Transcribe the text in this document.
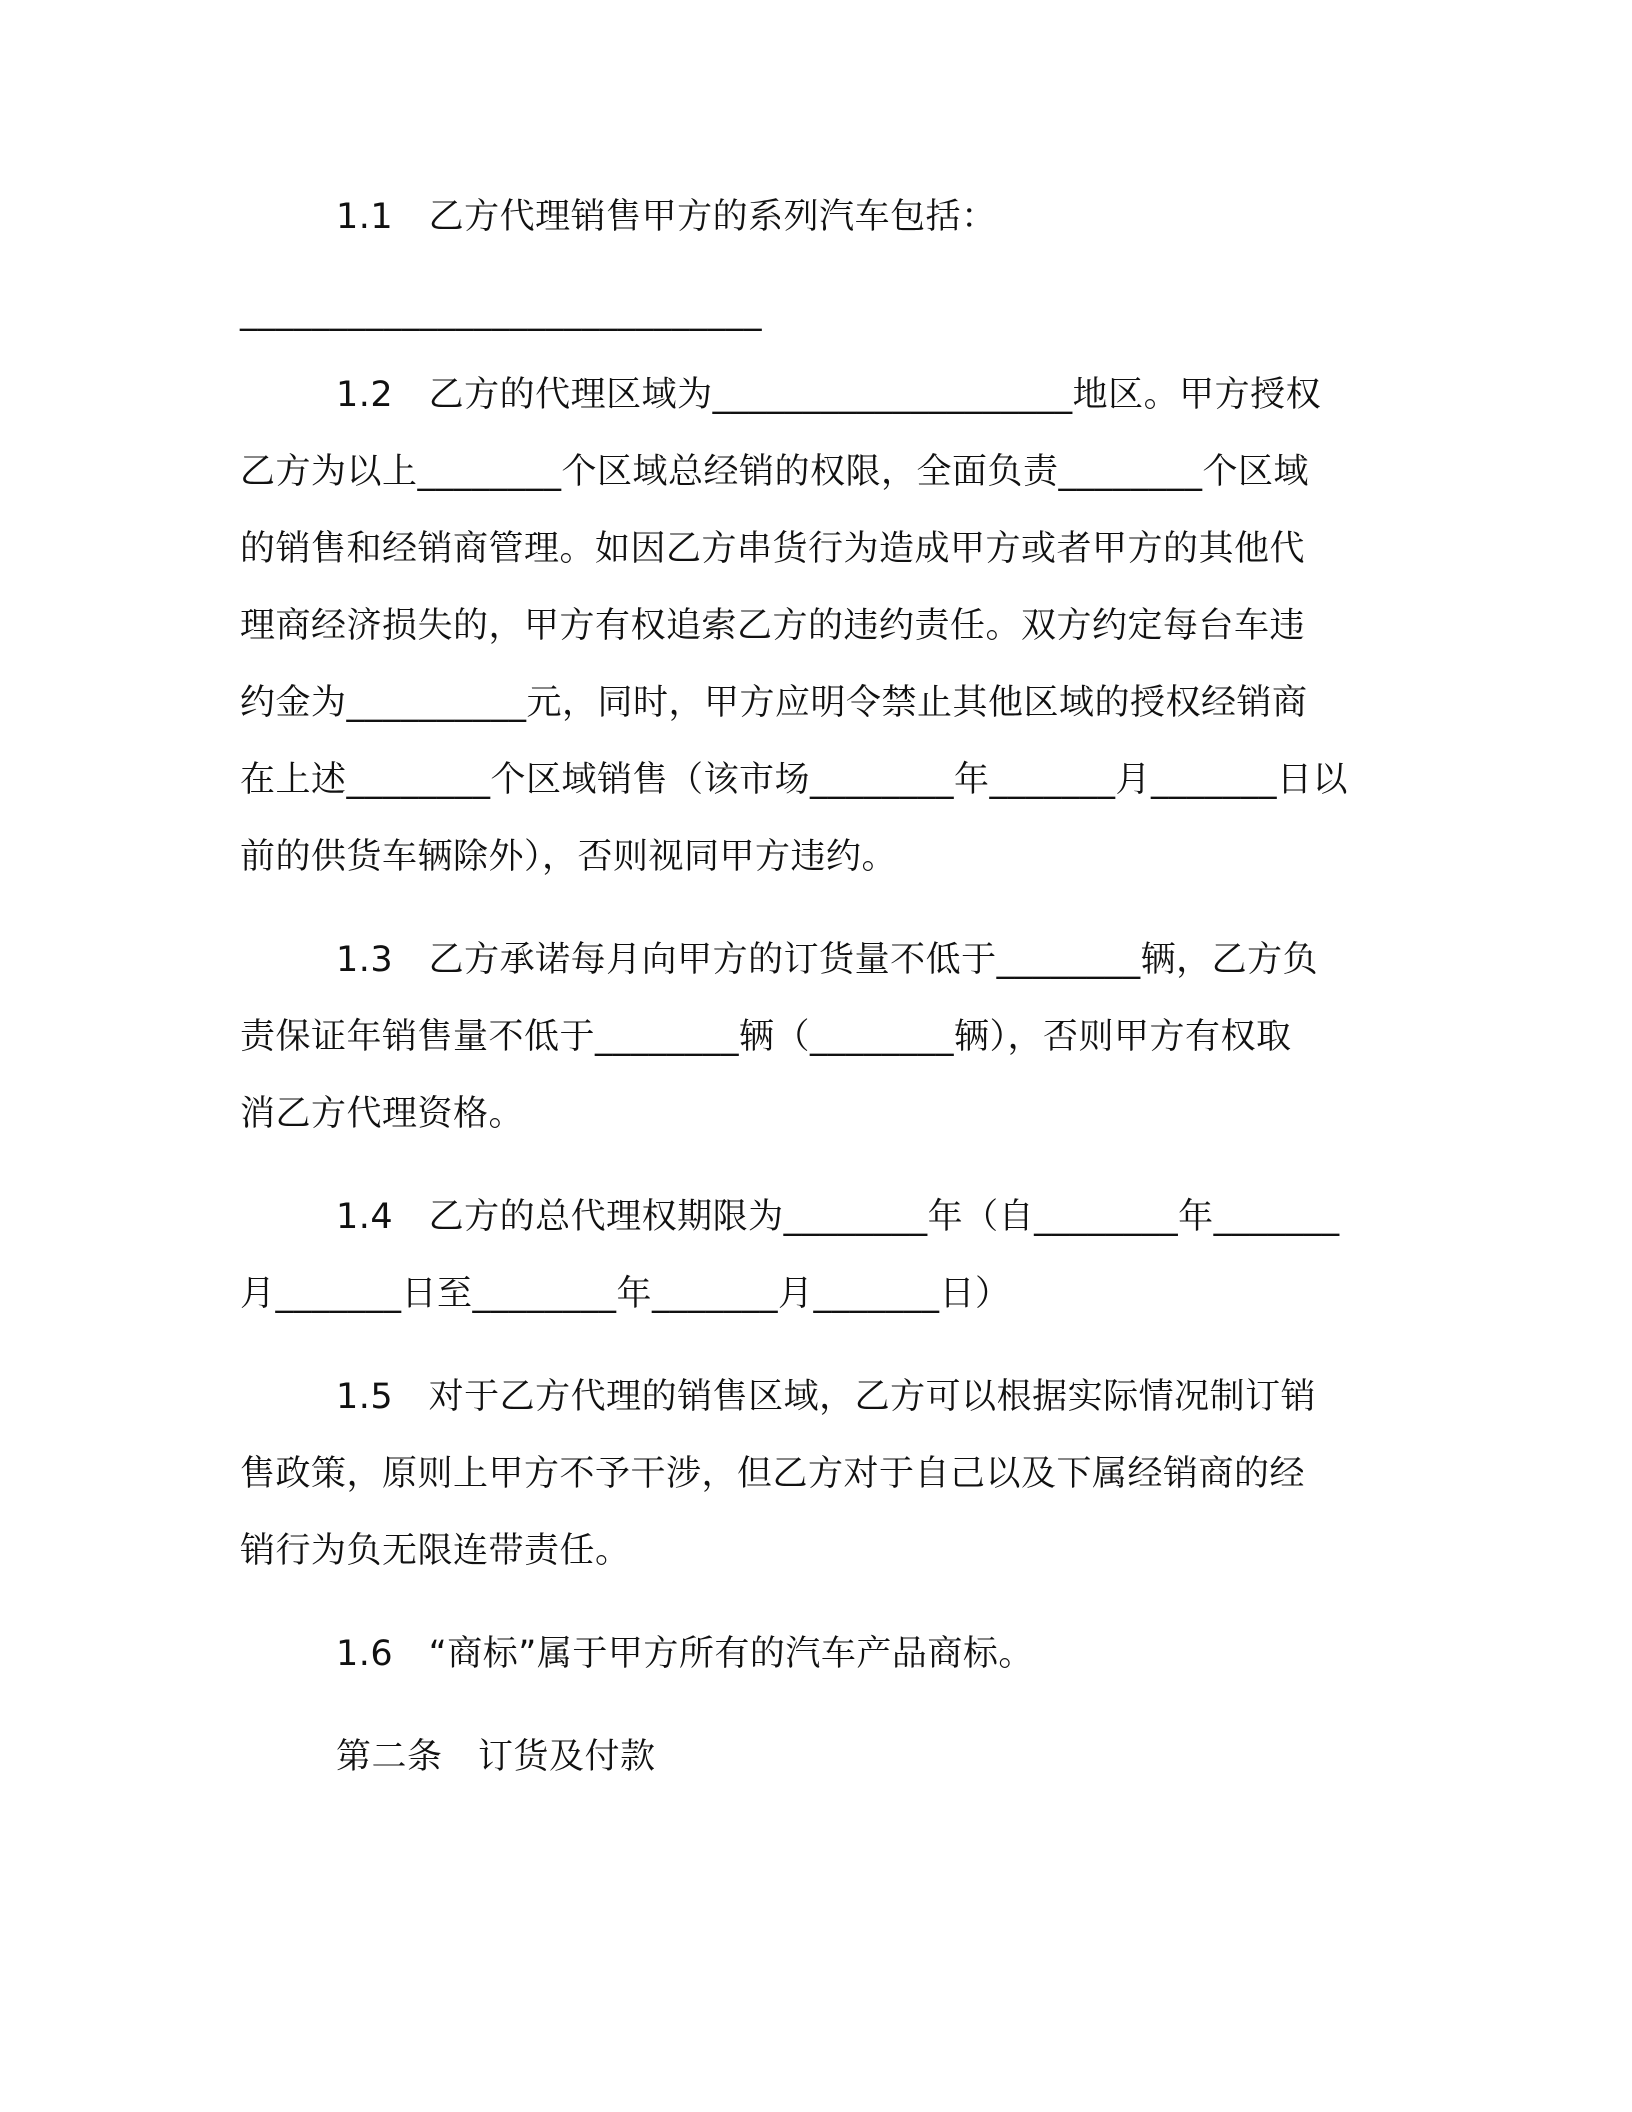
1.1　乙方代理销售甲方的系列汽车包括：
_____________________________
1.2　乙方的代理区域为____________________地区。甲方授权
乙方为以上________个区域总经销的权限，全面负责________个区域
的销售和经销商管理。如因乙方串货行为造成甲方或者甲方的其他代
理商经济损失的，甲方有权追索乙方的违约责任。双方约定每台车违
约金为__________元，同时，甲方应明令禁止其他区域的授权经销商
在上述________个区域销售（该市场________年_______月_______日以
前的供货车辆除外），否则视同甲方违约。
1.3　乙方承诺每月向甲方的订货量不低于________辆，乙方负
责保证年销售量不低于________辆（________辆），否则甲方有权取
消乙方代理资格。
1.4　乙方的总代理权期限为________年（自________年_______
月_______日至________年_______月_______日）
1.5　对于乙方代理的销售区域，乙方可以根据实际情况制订销
售政策，原则上甲方不予干涉，但乙方对于自己以及下属经销商的经
销行为负无限连带责任。
1.6　“商标”属于甲方所有的汽车产品商标。
第二条　订货及付款
